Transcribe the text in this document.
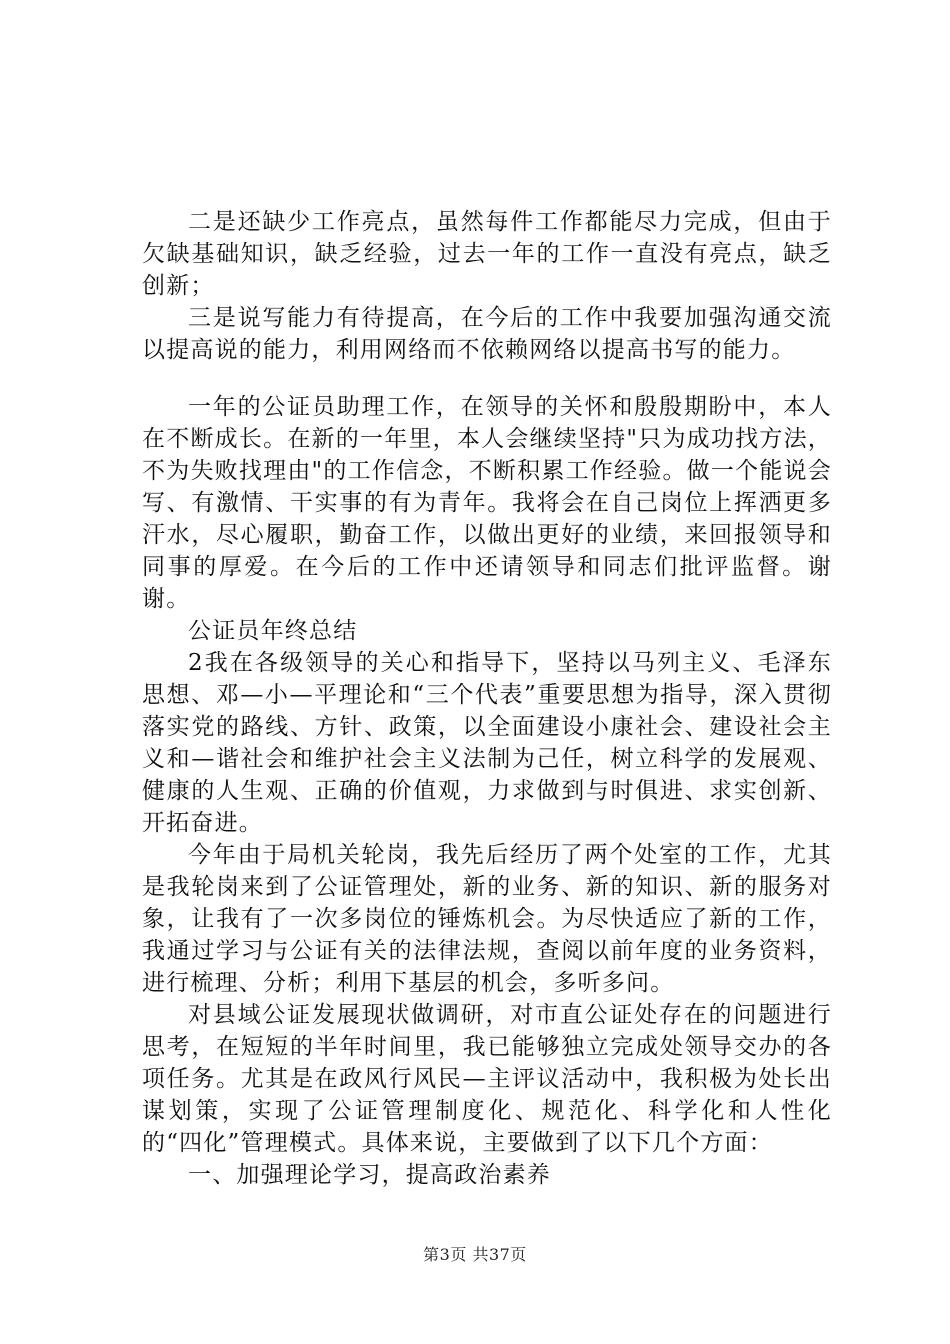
二是还缺少工作亮点，虽然每件工作都能尽力完成，但由于欠缺基础知识，缺乏经验，过去一年的工作一直没有亮点，缺乏创新；

三是说写能力有待提高，在今后的工作中我要加强沟通交流以提高说的能力，利用网络而不依赖网络以提高书写的能力。

一年的公证员助理工作，在领导的关怀和殷殷期盼中，本人在不断成长。在新的一年里，本人会继续坚持"只为成功找方法，不为失败找理由"的工作信念，不断积累工作经验。做一个能说会写、有激情、干实事的有为青年。我将会在自己岗位上挥洒更多汗水，尽心履职，勤奋工作，以做出更好的业绩，来回报领导和同事的厚爱。在今后的工作中还请领导和同志们批评监督。谢谢。

公证员年终总结

2我在各级领导的关心和指导下，坚持以马列主义、毛泽东思想、邓—小—平理论和“三个代表”重要思想为指导，深入贯彻落实党的路线、方针、政策，以全面建设小康社会、建设社会主义和—谐社会和维护社会主义法制为己任，树立科学的发展观、健康的人生观、正确的价值观，力求做到与时俱进、求实创新、开拓奋进。

今年由于局机关轮岗，我先后经历了两个处室的工作，尤其是我轮岗来到了公证管理处，新的业务、新的知识、新的服务对象，让我有了一次多岗位的锤炼机会。为尽快适应了新的工作，我通过学习与公证有关的法律法规，查阅以前年度的业务资料，进行梳理、分析；利用下基层的机会，多听多问。

对县域公证发展现状做调研，对市直公证处存在的问题进行思考，在短短的半年时间里，我已能够独立完成处领导交办的各项任务。尤其是在政风行风民—主评议活动中，我积极为处长出谋划策，实现了公证管理制度化、规范化、科学化和人性化的“四化”管理模式。具体来说，主要做到了以下几个方面：

一、加强理论学习，提高政治素养

第3页 共37页
